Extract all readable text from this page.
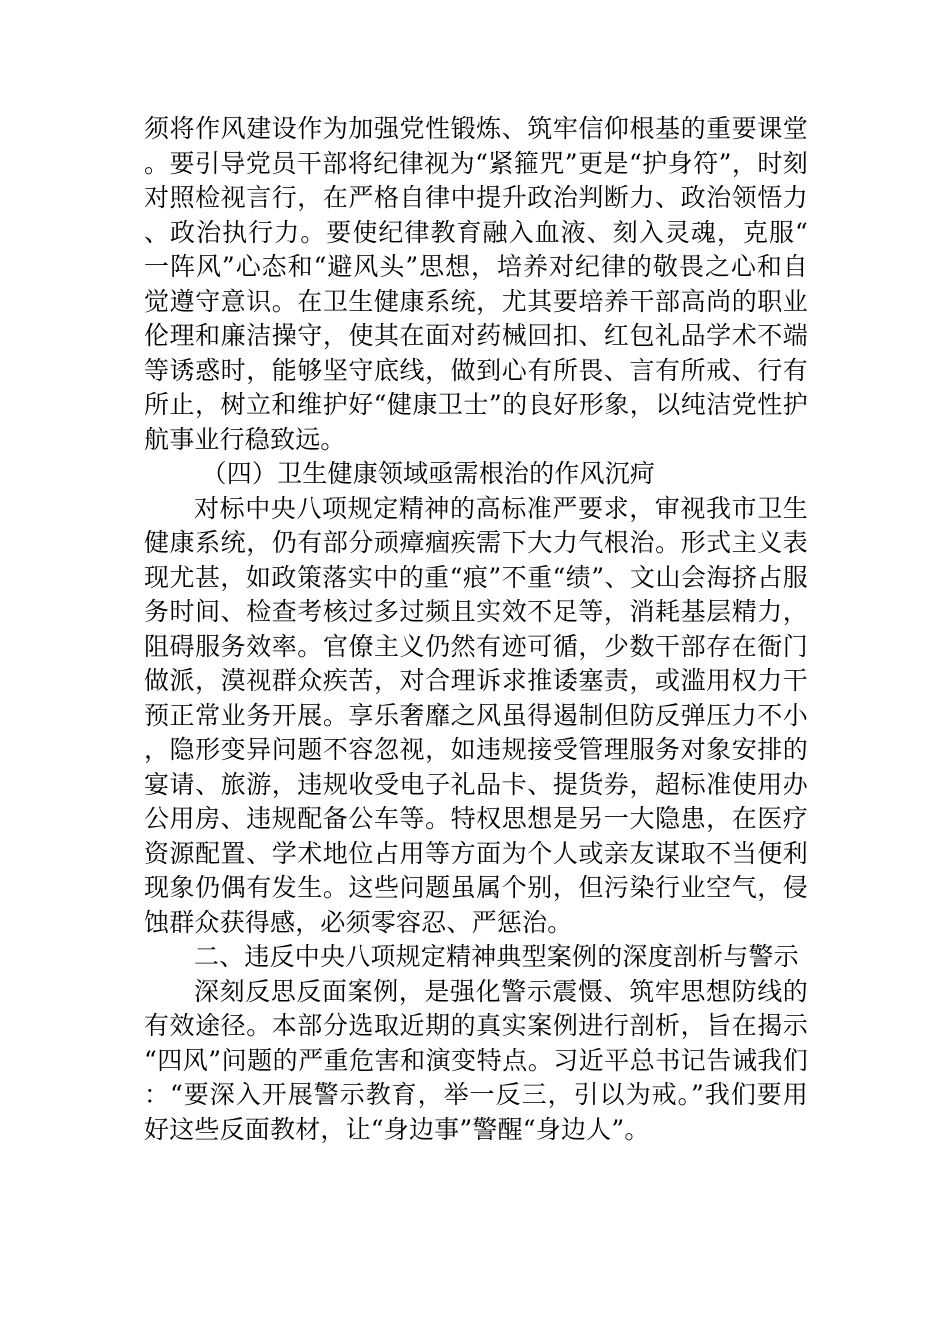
须将作风建设作为加强党性锻炼、筑牢信仰根基的重要课堂。要引导党员干部将纪律视为“紧箍咒”更是“护身符”，时刻对照检视言行，在严格自律中提升政治判断力、政治领悟力、政治执行力。要使纪律教育融入血液、刻入灵魂，克服“一阵风”心态和“避风头”思想，培养对纪律的敬畏之心和自觉遵守意识。在卫生健康系统，尤其要培养干部高尚的职业伦理和廉洁操守，使其在面对药械回扣、红包礼品学术不端等诱惑时，能够坚守底线，做到心有所畏、言有所戒、行有所止，树立和维护好“健康卫士”的良好形象，以纯洁党性护航事业行稳致远。

（四）卫生健康领域亟需根治的作风沉疴

对标中央八项规定精神的高标准严要求，审视我市卫生健康系统，仍有部分顽瘴痼疾需下大力气根治。形式主义表现尤甚，如政策落实中的重“痕”不重“绩”、文山会海挤占服务时间、检查考核过多过频且实效不足等，消耗基层精力，阻碍服务效率。官僚主义仍然有迹可循，少数干部存在衙门做派，漠视群众疾苦，对合理诉求推诿塞责，或滥用权力干预正常业务开展。享乐奢靡之风虽得遏制但防反弹压力不小，隐形变异问题不容忽视，如违规接受管理服务对象安排的宴请、旅游，违规收受电子礼品卡、提货券，超标准使用办公用房、违规配备公车等。特权思想是另一大隐患，在医疗资源配置、学术地位占用等方面为个人或亲友谋取不当便利现象仍偶有发生。这些问题虽属个别，但污染行业空气，侵蚀群众获得感，必须零容忍、严惩治。

二、违反中央八项规定精神典型案例的深度剖析与警示

深刻反思反面案例，是强化警示震慑、筑牢思想防线的有效途径。本部分选取近期的真实案例进行剖析，旨在揭示“四风”问题的严重危害和演变特点。习近平总书记告诫我们：“要深入开展警示教育，举一反三，引以为戒。”我们要用好这些反面教材，让“身边事”警醒“身边人”。
